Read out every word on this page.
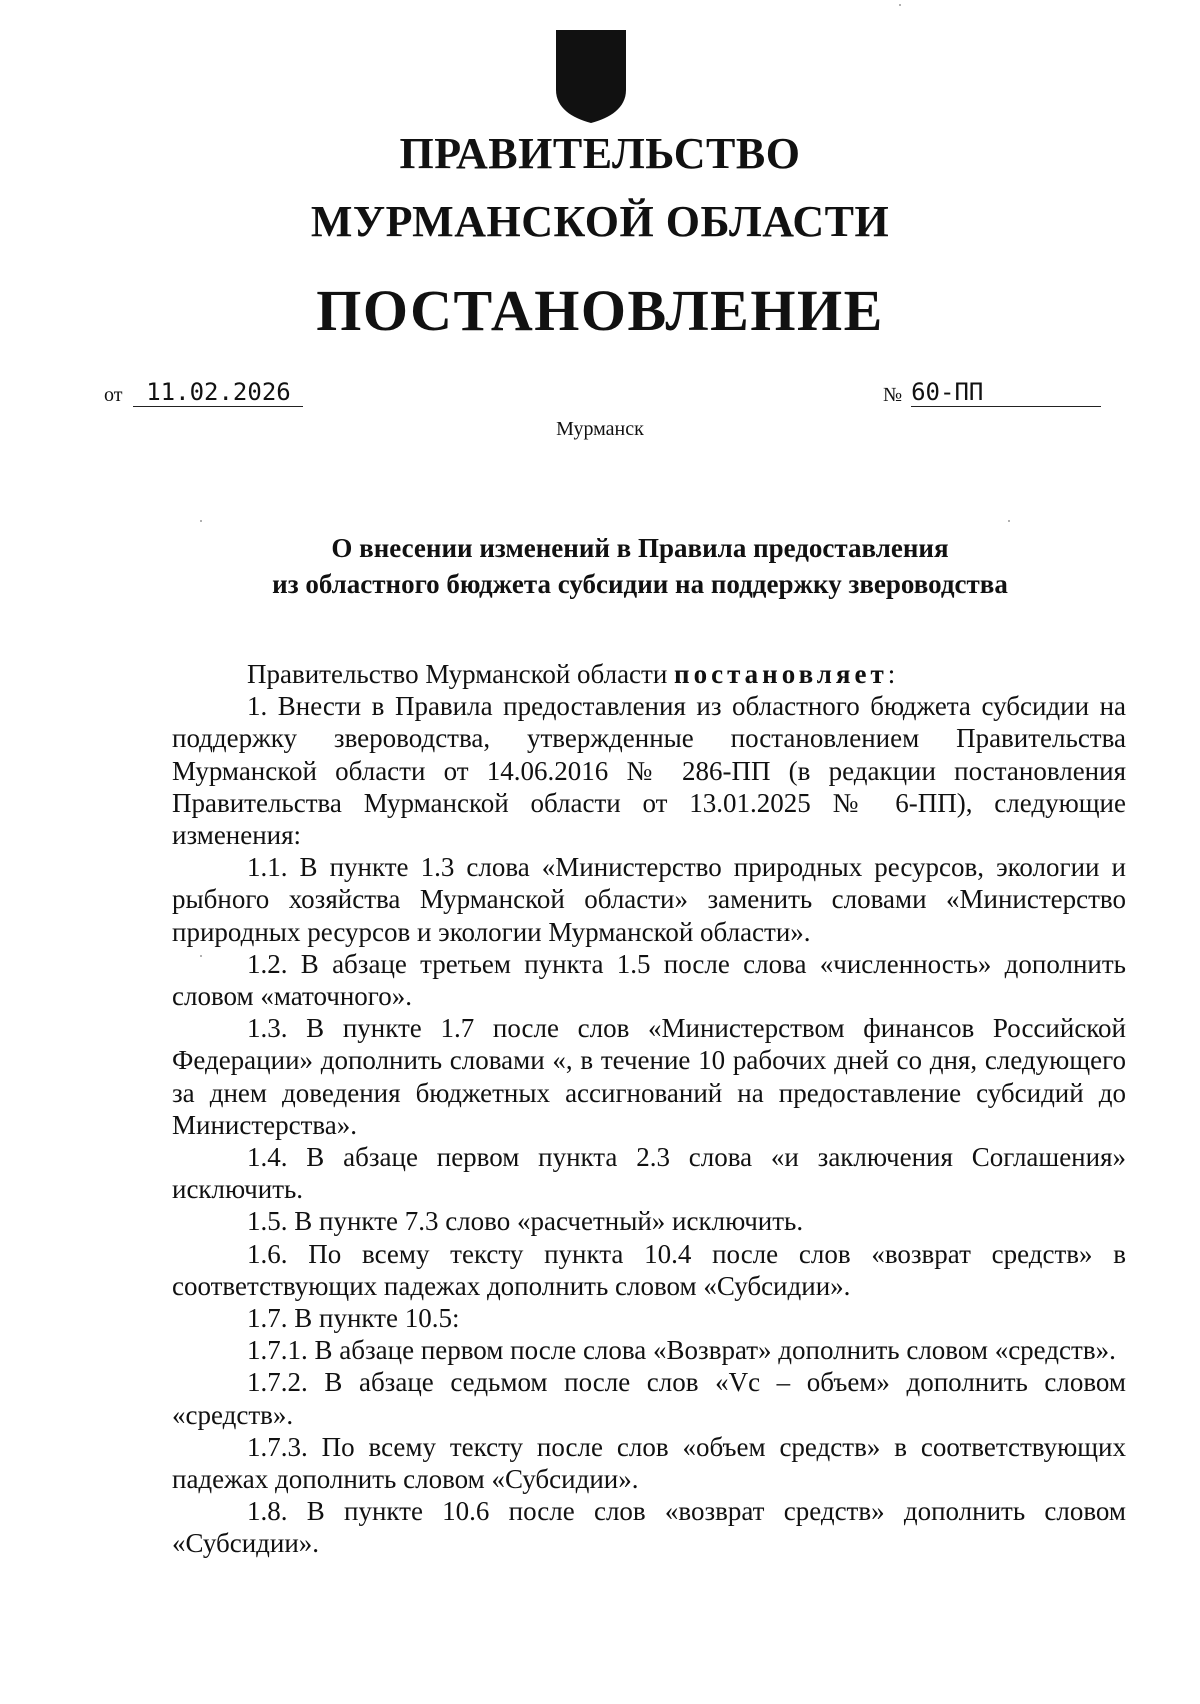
ПРАВИТЕЛЬСТВО
МУРМАНСКОЙ ОБЛАСТИ
ПОСТАНОВЛЕНИЕ
от 11.02.2026	№ 60-ПП
Мурманск
О внесении изменений в Правила предоставления
из областного бюджета субсидии на поддержку звероводства

Правительство Мурманской области постановляет:

1. Внести в Правила предоставления из областного бюджета субсидии на поддержку звероводства, утвержденные постановлением Правительства Мурманской области от 14.06.2016 № 286-ПП (в редакции постановления Правительства Мурманской области от 13.01.2025 № 6-ПП), следующие изменения:

1.1. В пункте 1.3 слова «Министерство природных ресурсов, экологии и рыбного хозяйства Мурманской области» заменить словами «Министерство природных ресурсов и экологии Мурманской области».

1.2. В абзаце третьем пункта 1.5 после слова «численность» дополнить словом «маточного».

1.3. В пункте 1.7 после слов «Министерством финансов Российской Федерации» дополнить словами «, в течение 10 рабочих дней со дня, следующего за днем доведения бюджетных ассигнований на предоставление субсидий до Министерства».

1.4. В абзаце первом пункта 2.3 слова «и заключения Соглашения» исключить.

1.5. В пункте 7.3 слово «расчетный» исключить.

1.6. По всему тексту пункта 10.4 после слов «возврат средств» в соответствующих падежах дополнить словом «Субсидии».

1.7. В пункте 10.5:

1.7.1. В абзаце первом после слова «Возврат» дополнить словом «средств».

1.7.2. В абзаце седьмом после слов «Vc – объем» дополнить словом «средств».

1.7.3. По всему тексту после слов «объем средств» в соответствующих падежах дополнить словом «Субсидии».

1.8. В пункте 10.6 после слов «возврат средств» дополнить словом «Субсидии».
